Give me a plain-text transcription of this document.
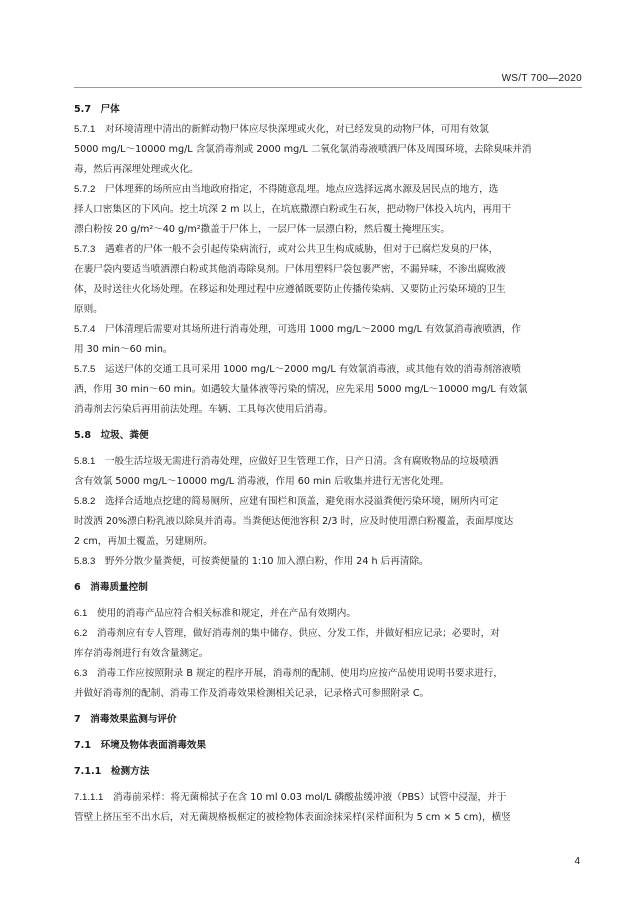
WS/T 700—2020
5.7　尸体
5.7.1　 对环境清理中清出的新鲜动物尸体应尽快深埋或火化，对已经发臭的动物尸体，可用有效氯
5000 mg/L～10000 mg/L 含氯消毒剂或 2000 mg/L 二氧化氯消毒液喷洒尸体及周围环境，去除臭味并消
毒，然后再深埋处理或火化。
5.7.2　 尸体埋葬的场所应由当地政府指定，不得随意乱埋。地点应选择远离水源及居民点的地方，选
择人口密集区的下风向。挖土坑深 2 m 以上，在坑底撒漂白粉或生石灰，把动物尸体投入坑内，再用干
漂白粉按 20 g/m²～40 g/m²撒盖于尸体上，一层尸体一层漂白粉，然后覆土掩埋压实。
5.7.3　 遇难者的尸体一般不会引起传染病流行，或对公共卫生构成威胁，但对于已腐烂发臭的尸体，
在裹尸袋内要适当喷洒漂白粉或其他消毒除臭剂。尸体用塑料尸袋包裹严密，不漏异味，不渗出腐败液
体，及时送往火化场处理。在移运和处理过程中应遵循既要防止传播传染病、又要防止污染环境的卫生
原则。
5.7.4　 尸体清理后需要对其场所进行消毒处理，可选用 1000 mg/L～2000 mg/L 有效氯消毒液喷洒，作
用 30 min～60 min。
5.7.5　 运送尸体的交通工具可采用 1000 mg/L～2000 mg/L 有效氯消毒液，或其他有效的消毒剂溶液喷
洒，作用 30 min～60 min。如遇较大量体液等污染的情况，应先采用 5000 mg/L～10000 mg/L 有效氯
消毒剂去污染后再用前法处理。车辆、工具每次使用后消毒。
5.8　垃圾、粪便
5.8.1　 一般生活垃圾无需进行消毒处理，应做好卫生管理工作，日产日清。含有腐败物品的垃圾喷洒
含有效氯 5000 mg/L～10000 mg/L 消毒液，作用 60 min 后收集并进行无害化处理。
5.8.2　 选择合适地点挖建的简易厕所，应建有围栏和顶盖，避免雨水浸溢粪便污染环境，厕所内可定
时泼洒 20%漂白粉乳液以除臭并消毒。当粪便达便池容积 2/3 时，应及时使用漂白粉覆盖，表面厚度达
2 cm，再加土覆盖，另建厕所。
5.8.3　 野外分散少量粪便，可按粪便量的 1:10 加入漂白粉，作用 24 h 后再清除。
6　消毒质量控制
6.1　 使用的消毒产品应符合相关标准和规定，并在产品有效期内。
6.2　 消毒剂应有专人管理，做好消毒剂的集中储存、供应、分发工作，并做好相应记录；必要时，对
库存消毒剂进行有效含量测定。
6.3　 消毒工作应按照附录 B 规定的程序开展，消毒剂的配制、使用均应按产品使用说明书要求进行，
并做好消毒剂的配制、消毒工作及消毒效果检测相关记录，记录格式可参照附录 C。
7　消毒效果监测与评价
7.1　环境及物体表面消毒效果
7.1.1　检测方法
7.1.1.1　 消毒前采样：将无菌棉拭子在含 10 ml 0.03 mol/L 磷酸盐缓冲液（PBS）试管中浸湿，并于
管壁上挤压至不出水后，对无菌规格板框定的被检物体表面涂抹采样(采样面积为 5 cm × 5 cm)，横竖
4
